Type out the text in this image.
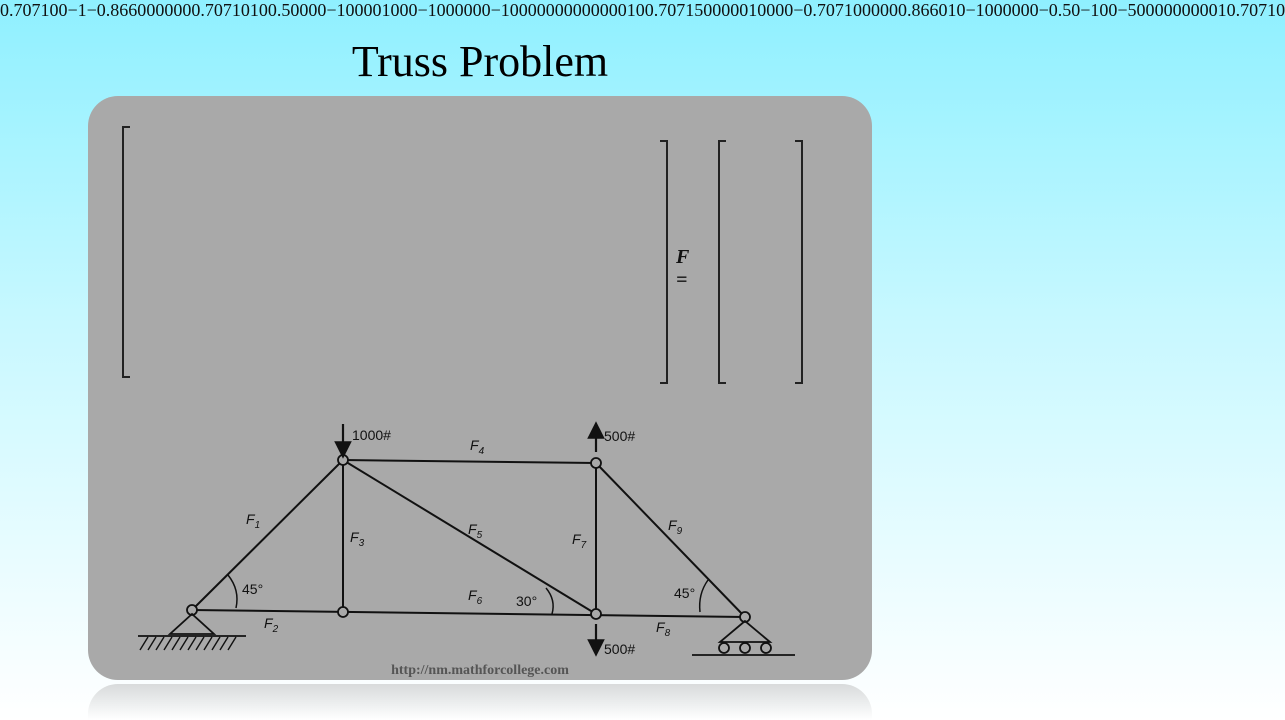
Truss Problem
0.707100−1−0.8660000000.70710100.50000−100001000−1000000−10000000000000100.707150000010000−0.7071000000.866010−1000000−0.50−100−500000000010.70710
F =
1000#	500#
500#
$F_1$
$F_2$
$F_3$
$F_4$
$F_5$
$F_6$
$F_7$
$F_8$
$F_9$
45°
30°	45°
http://nm.mathforcollege.com
